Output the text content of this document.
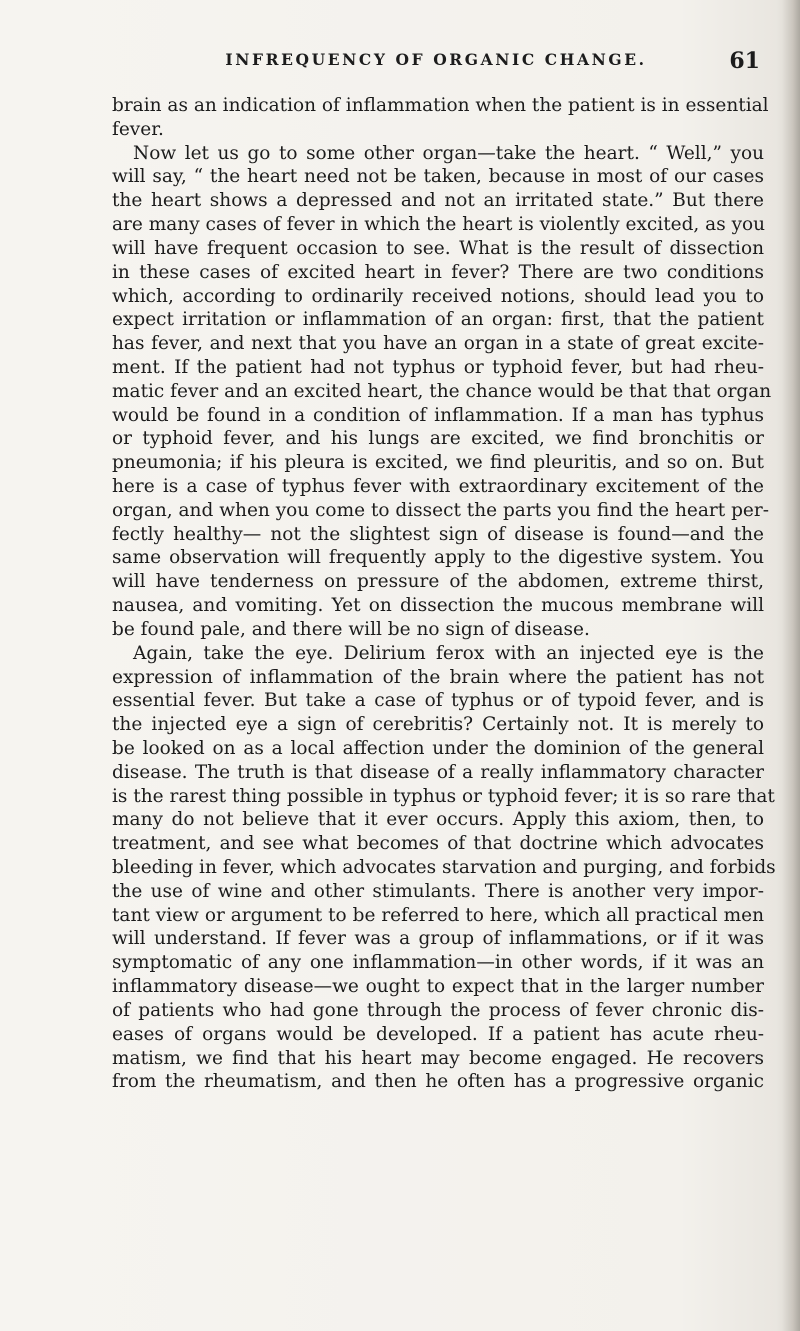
INFREQUENCY OF ORGANIC CHANGE.	61
brain as an indication of inflammation when the patient is in essential
fever.
Now let us go to some other organ—take the heart. “ Well,” you
will say, “ the heart need not be taken, because in most of our cases
the heart shows a depressed and not an irritated state.” But there
are many cases of fever in which the heart is violently excited, as you
will have frequent occasion to see. What is the result of dissection
in these cases of excited heart in fever? There are two conditions
which, according to ordinarily received notions, should lead you to
expect irritation or inflammation of an organ: first, that the patient
has fever, and next that you have an organ in a state of great excite-
ment. If the patient had not typhus or typhoid fever, but had rheu-
matic fever and an excited heart, the chance would be that that organ
would be found in a condition of inflammation. If a man has typhus
or typhoid fever, and his lungs are excited, we find bronchitis or
pneumonia; if his pleura is excited, we find pleuritis, and so on. But
here is a case of typhus fever with extraordinary excitement of the
organ, and when you come to dissect the parts you find the heart per-
fectly healthy— not the slightest sign of disease is found—and the
same observation will frequently apply to the digestive system. You
will have tenderness on pressure of the abdomen, extreme thirst,
nausea, and vomiting. Yet on dissection the mucous membrane will
be found pale, and there will be no sign of disease.
Again, take the eye. Delirium ferox with an injected eye is the
expression of inflammation of the brain where the patient has not
essential fever. But take a case of typhus or of typoid fever, and is
the injected eye a sign of cerebritis? Certainly not. It is merely to
be looked on as a local affection under the dominion of the general
disease. The truth is that disease of a really inflammatory character
is the rarest thing possible in typhus or typhoid fever; it is so rare that
many do not believe that it ever occurs. Apply this axiom, then, to
treatment, and see what becomes of that doctrine which advocates
bleeding in fever, which advocates starvation and purging, and forbids
the use of wine and other stimulants. There is another very impor-
tant view or argument to be referred to here, which all practical men
will understand. If fever was a group of inflammations, or if it was
symptomatic of any one inflammation—in other words, if it was an
inflammatory disease—we ought to expect that in the larger number
of patients who had gone through the process of fever chronic dis-
eases of organs would be developed. If a patient has acute rheu-
matism, we find that his heart may become engaged. He recovers
from the rheumatism, and then he often has a progressive organic
